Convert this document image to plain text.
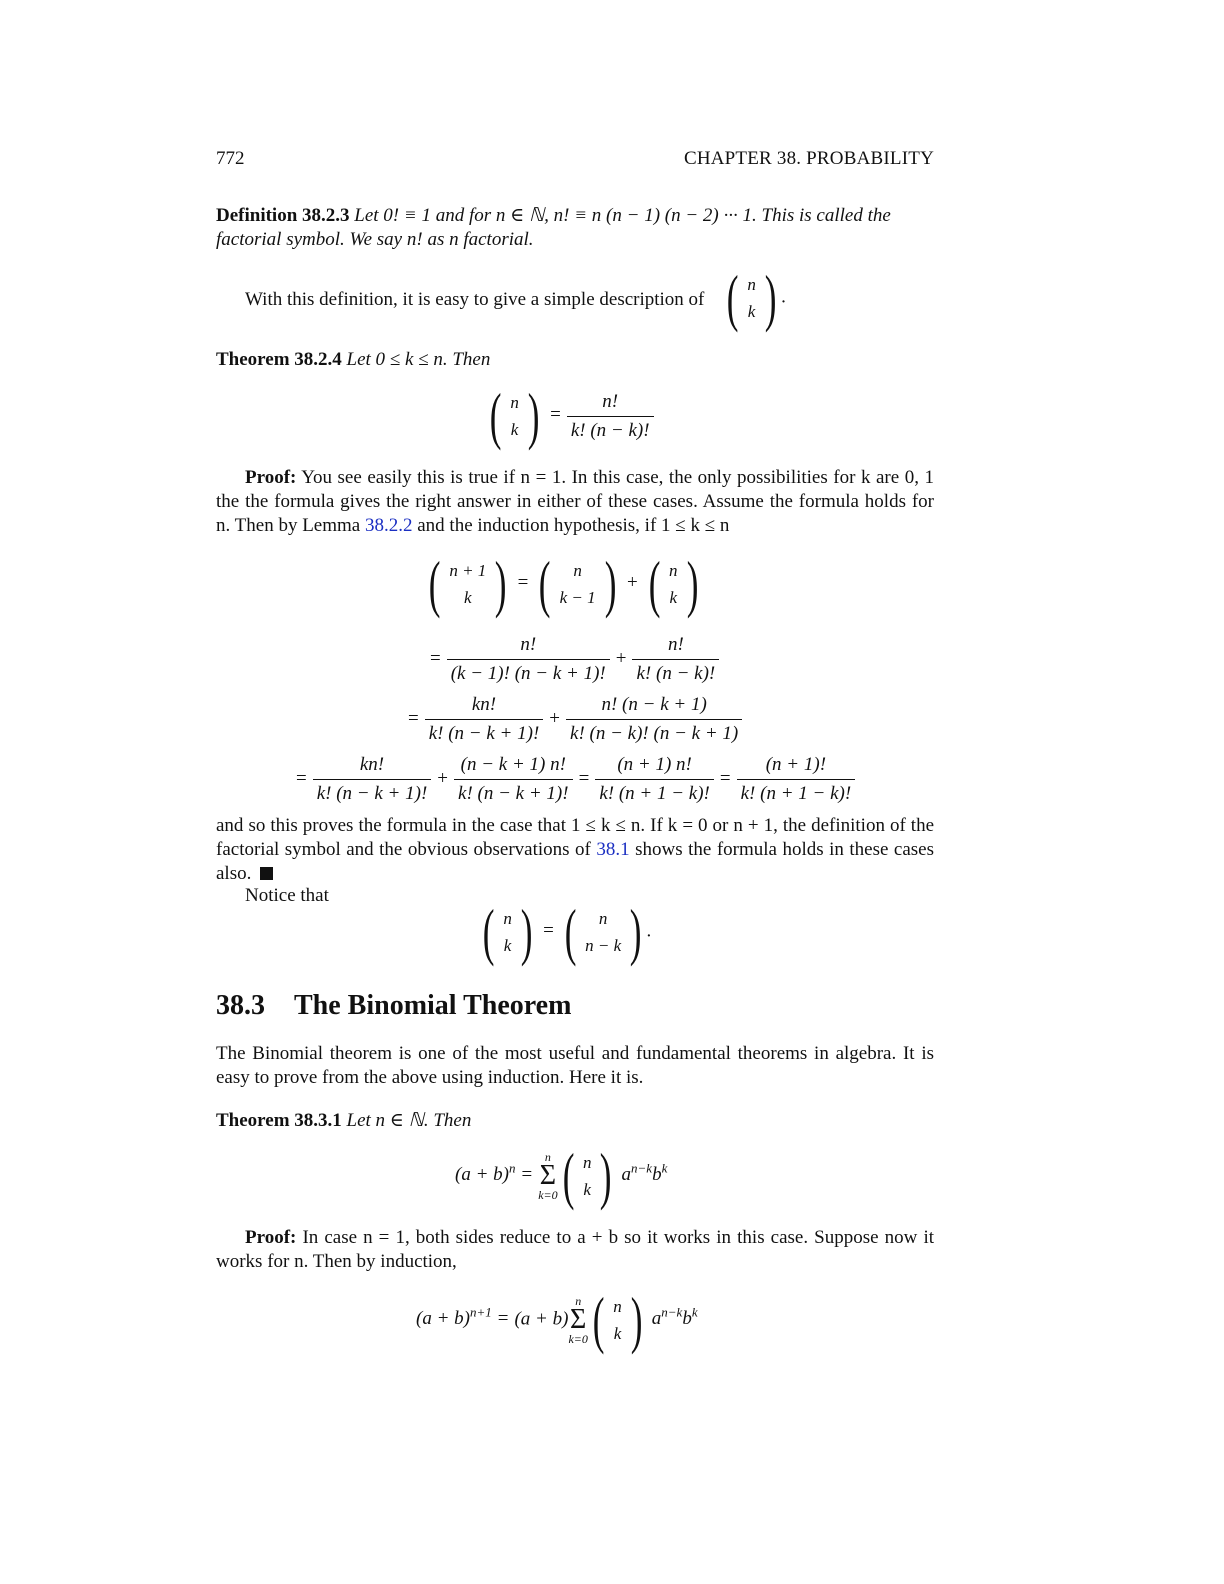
772	CHAPTER 38. PROBABILITY
Definition 38.2.3 Let 0! ≡ 1 and for n ∈ ℕ, n! ≡ n (n − 1) (n − 2) ··· 1. This is called the
factorial symbol. We say n! as n factorial.
With this definition, it is easy to give a simple description of ( n
k ) .
Theorem 38.2.4 Let 0 ≤ k ≤ n. Then
( n
k ) = $\frac{n!}{k! (n - k)!}$
Proof: You see easily this is true if n = 1. In this case, the only possibilities for k are 0, 1 the the formula gives the right answer in either of these cases. Assume the formula holds for n. Then by Lemma 38.2.2 and the induction hypothesis, if 1 ≤ k ≤ n
( n + 1
k ) = (	n
k − 1 ) + ( n
k )
= $\frac{n!}{(k - 1)! (n - k + 1)!} + \frac{n!}{k! (n - k)!}$
= $\frac{kn!}{k! (n - k + 1)!} + \frac{n! (n - k + 1)}{k! (n - k)! (n - k + 1)}$
= $\frac{kn!}{k! (n - k + 1)!} + \frac{(n - k + 1) n!}{k! (n - k + 1)!} = \frac{(n + 1) n!}{k! (n + 1 - k)!} = \frac{(n + 1)!}{k! (n + 1 - k)!}$
and so this proves the formula in the case that 1 ≤ k ≤ n. If k = 0 or n + 1, the definition of the factorial symbol and the obvious observations of 38.1 shows the formula holds in these cases also.
Notice that
( n
k ) = (	n
n − k ) .
38.3 The Binomial Theorem
The Binomial theorem is one of the most useful and fundamental theorems in algebra. It is easy to prove from the above using induction. Here it is.
Theorem 38.3.1 Let n ∈ ℕ. Then
$(a + b)^n$ =
n
Σ
k=0 ( n
k ) $a^{n-k}b^k$
Proof: In case n = 1, both sides reduce to a + b so it works in this case. Suppose now it works for n. Then by induction,
$(a + b)^{n+1} = (a + b)$
n
Σ
k=0 ( n
k ) $a^{n-k}b^k$
